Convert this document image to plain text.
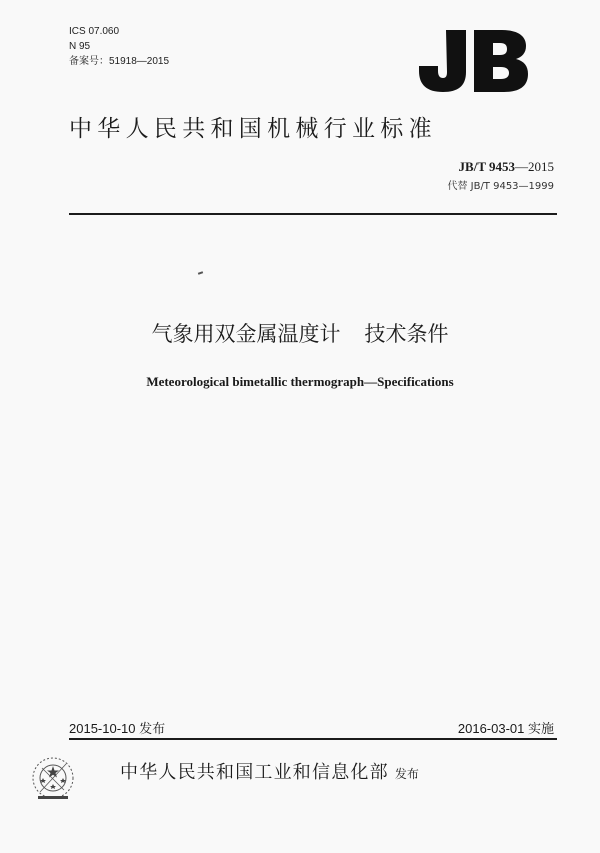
ICS 07.060
N 95
备案号：51918—2015
中华人民共和国机械行业标准
JB/T 9453—2015
代替 JB/T 9453—1999
气象用双金属温度计 技术条件
Meteorological bimetallic thermograph—Specifications
2015-10-10 发布	2016-03-01 实施
中华人民共和国工业和信息化部 发布
